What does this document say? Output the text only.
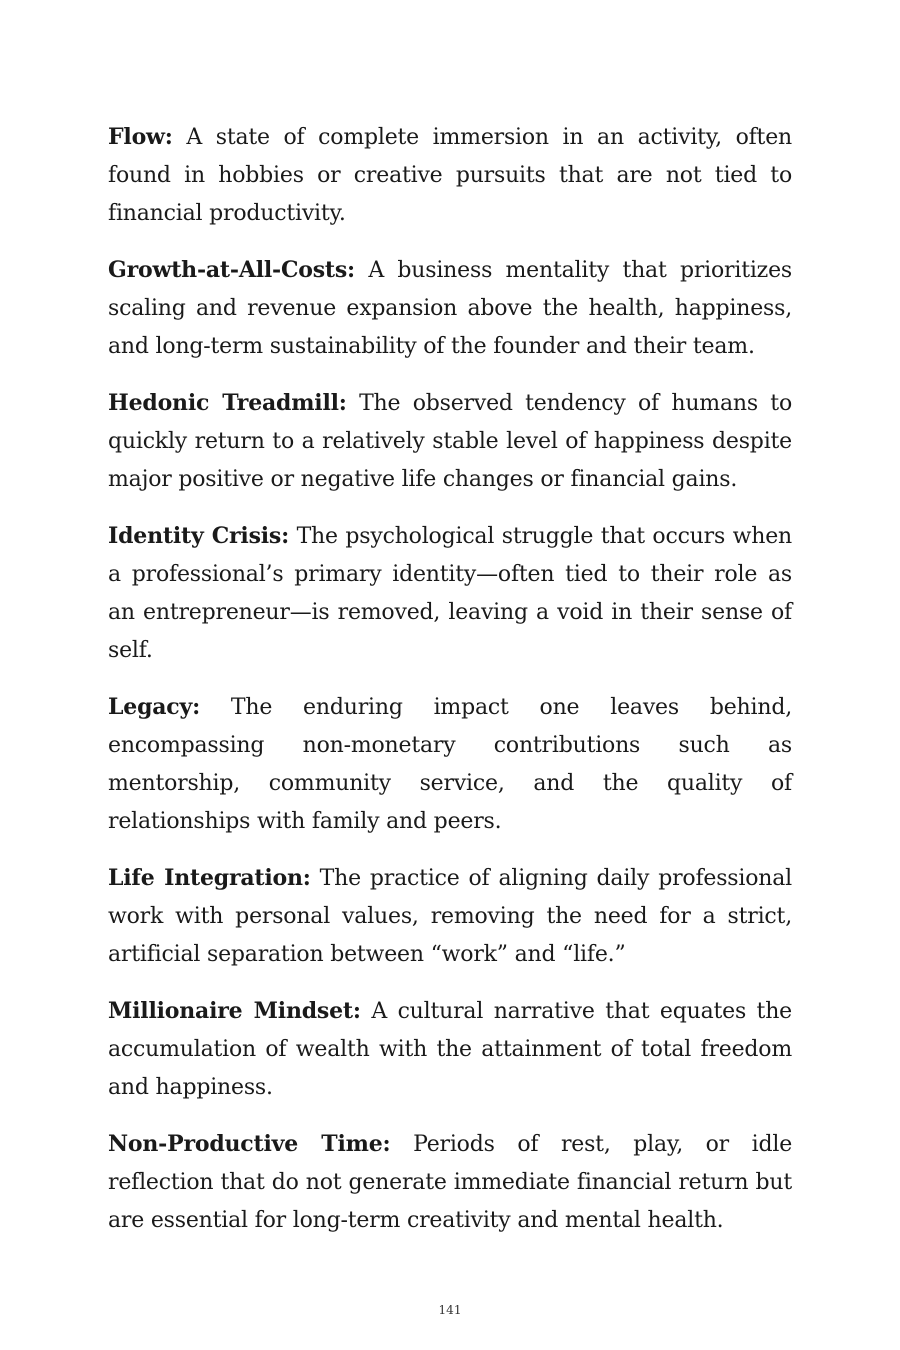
Flow: A state of complete immersion in an activity, often found in hobbies or creative pursuits that are not tied to financial productivity.

Growth-at-All-Costs: A business mentality that prioritizes scaling and revenue expansion above the health, happiness, and long-term sustainability of the founder and their team.

Hedonic Treadmill: The observed tendency of humans to quickly return to a relatively stable level of happiness despite major positive or negative life changes or financial gains.

Identity Crisis: The psychological struggle that occurs when a professional’s primary identity—often tied to their role as an entrepreneur—is removed, leaving a void in their sense of self.

Legacy: The enduring impact one leaves behind, encompassing non-monetary contributions such as mentorship, community service, and the quality of relationships with family and peers.

Life Integration: The practice of aligning daily professional work with personal values, removing the need for a strict, artificial separation between “work” and “life.”

Millionaire Mindset: A cultural narrative that equates the accumulation of wealth with the attainment of total freedom and happiness.

Non-Productive Time: Periods of rest, play, or idle reflection that do not generate immediate financial return but are essential for long-term creativity and mental health.

141
